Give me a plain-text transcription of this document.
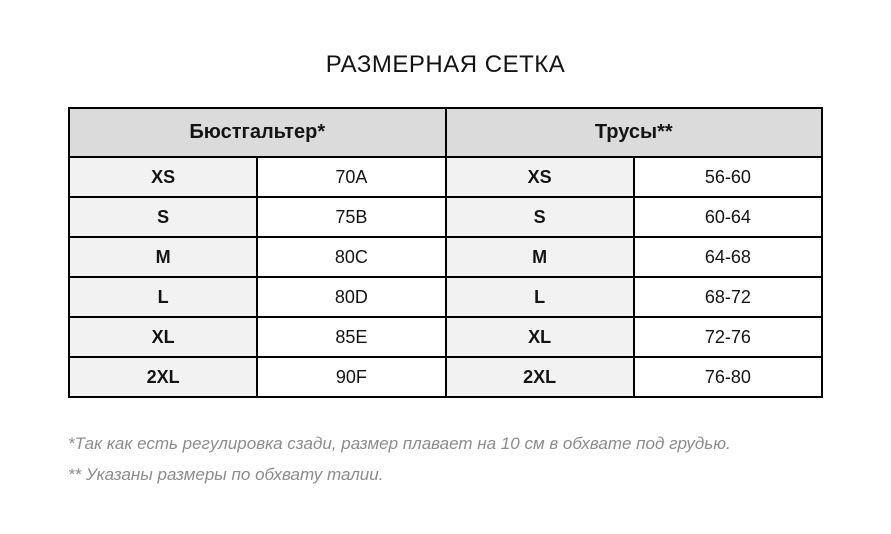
РАЗМЕРНАЯ СЕТКА
Бюстгальтер*		Трусы**	
XS	70A	XS	56-60
S	75B	S	60-64
M	80C	M	64-68
L	80D	L	68-72
XL	85E	XL	72-76
2XL	90F	2XL	76-80

*Так как есть регулировка сзади, размер плавает на 10 см в обхвате под грудью.

** Указаны размеры по обхвату талии.
